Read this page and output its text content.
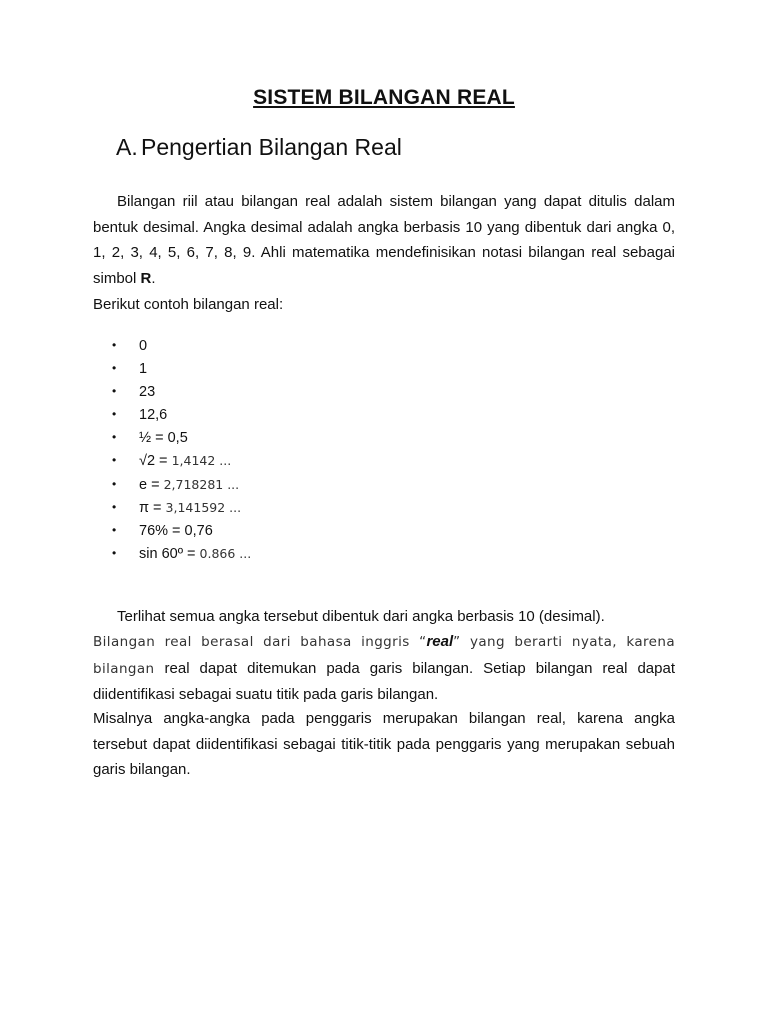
SISTEM BILANGAN REAL
A. Pengertian Bilangan Real

Bilangan riil atau bilangan real adalah sistem bilangan yang dapat ditulis dalam bentuk desimal. Angka desimal adalah angka berbasis 10 yang dibentuk dari angka 0, 1, 2, 3, 4, 5, 6, 7, 8, 9. Ahli matematika mendefinisikan notasi bilangan real sebagai simbol R.

Berikut contoh bilangan real:

• 0
• 1
• 23
• 12,6
• ½ = 0,5
• √2 = 1,4142 ...
• e = 2,718281 ...
• π = 3,141592 ...
• 76% = 0,76
• sin 60º = 0.866 ...

Terlihat semua angka tersebut dibentuk dari angka berbasis 10 (desimal).

Bilangan real berasal dari bahasa inggris “real” yang berarti nyata, karena bilangan real dapat ditemukan pada garis bilangan. Setiap bilangan real dapat diidentifikasi sebagai suatu titik pada garis bilangan.

Misalnya angka-angka pada penggaris merupakan bilangan real, karena angka tersebut dapat diidentifikasi sebagai titik-titik pada penggaris yang merupakan sebuah garis bilangan.
